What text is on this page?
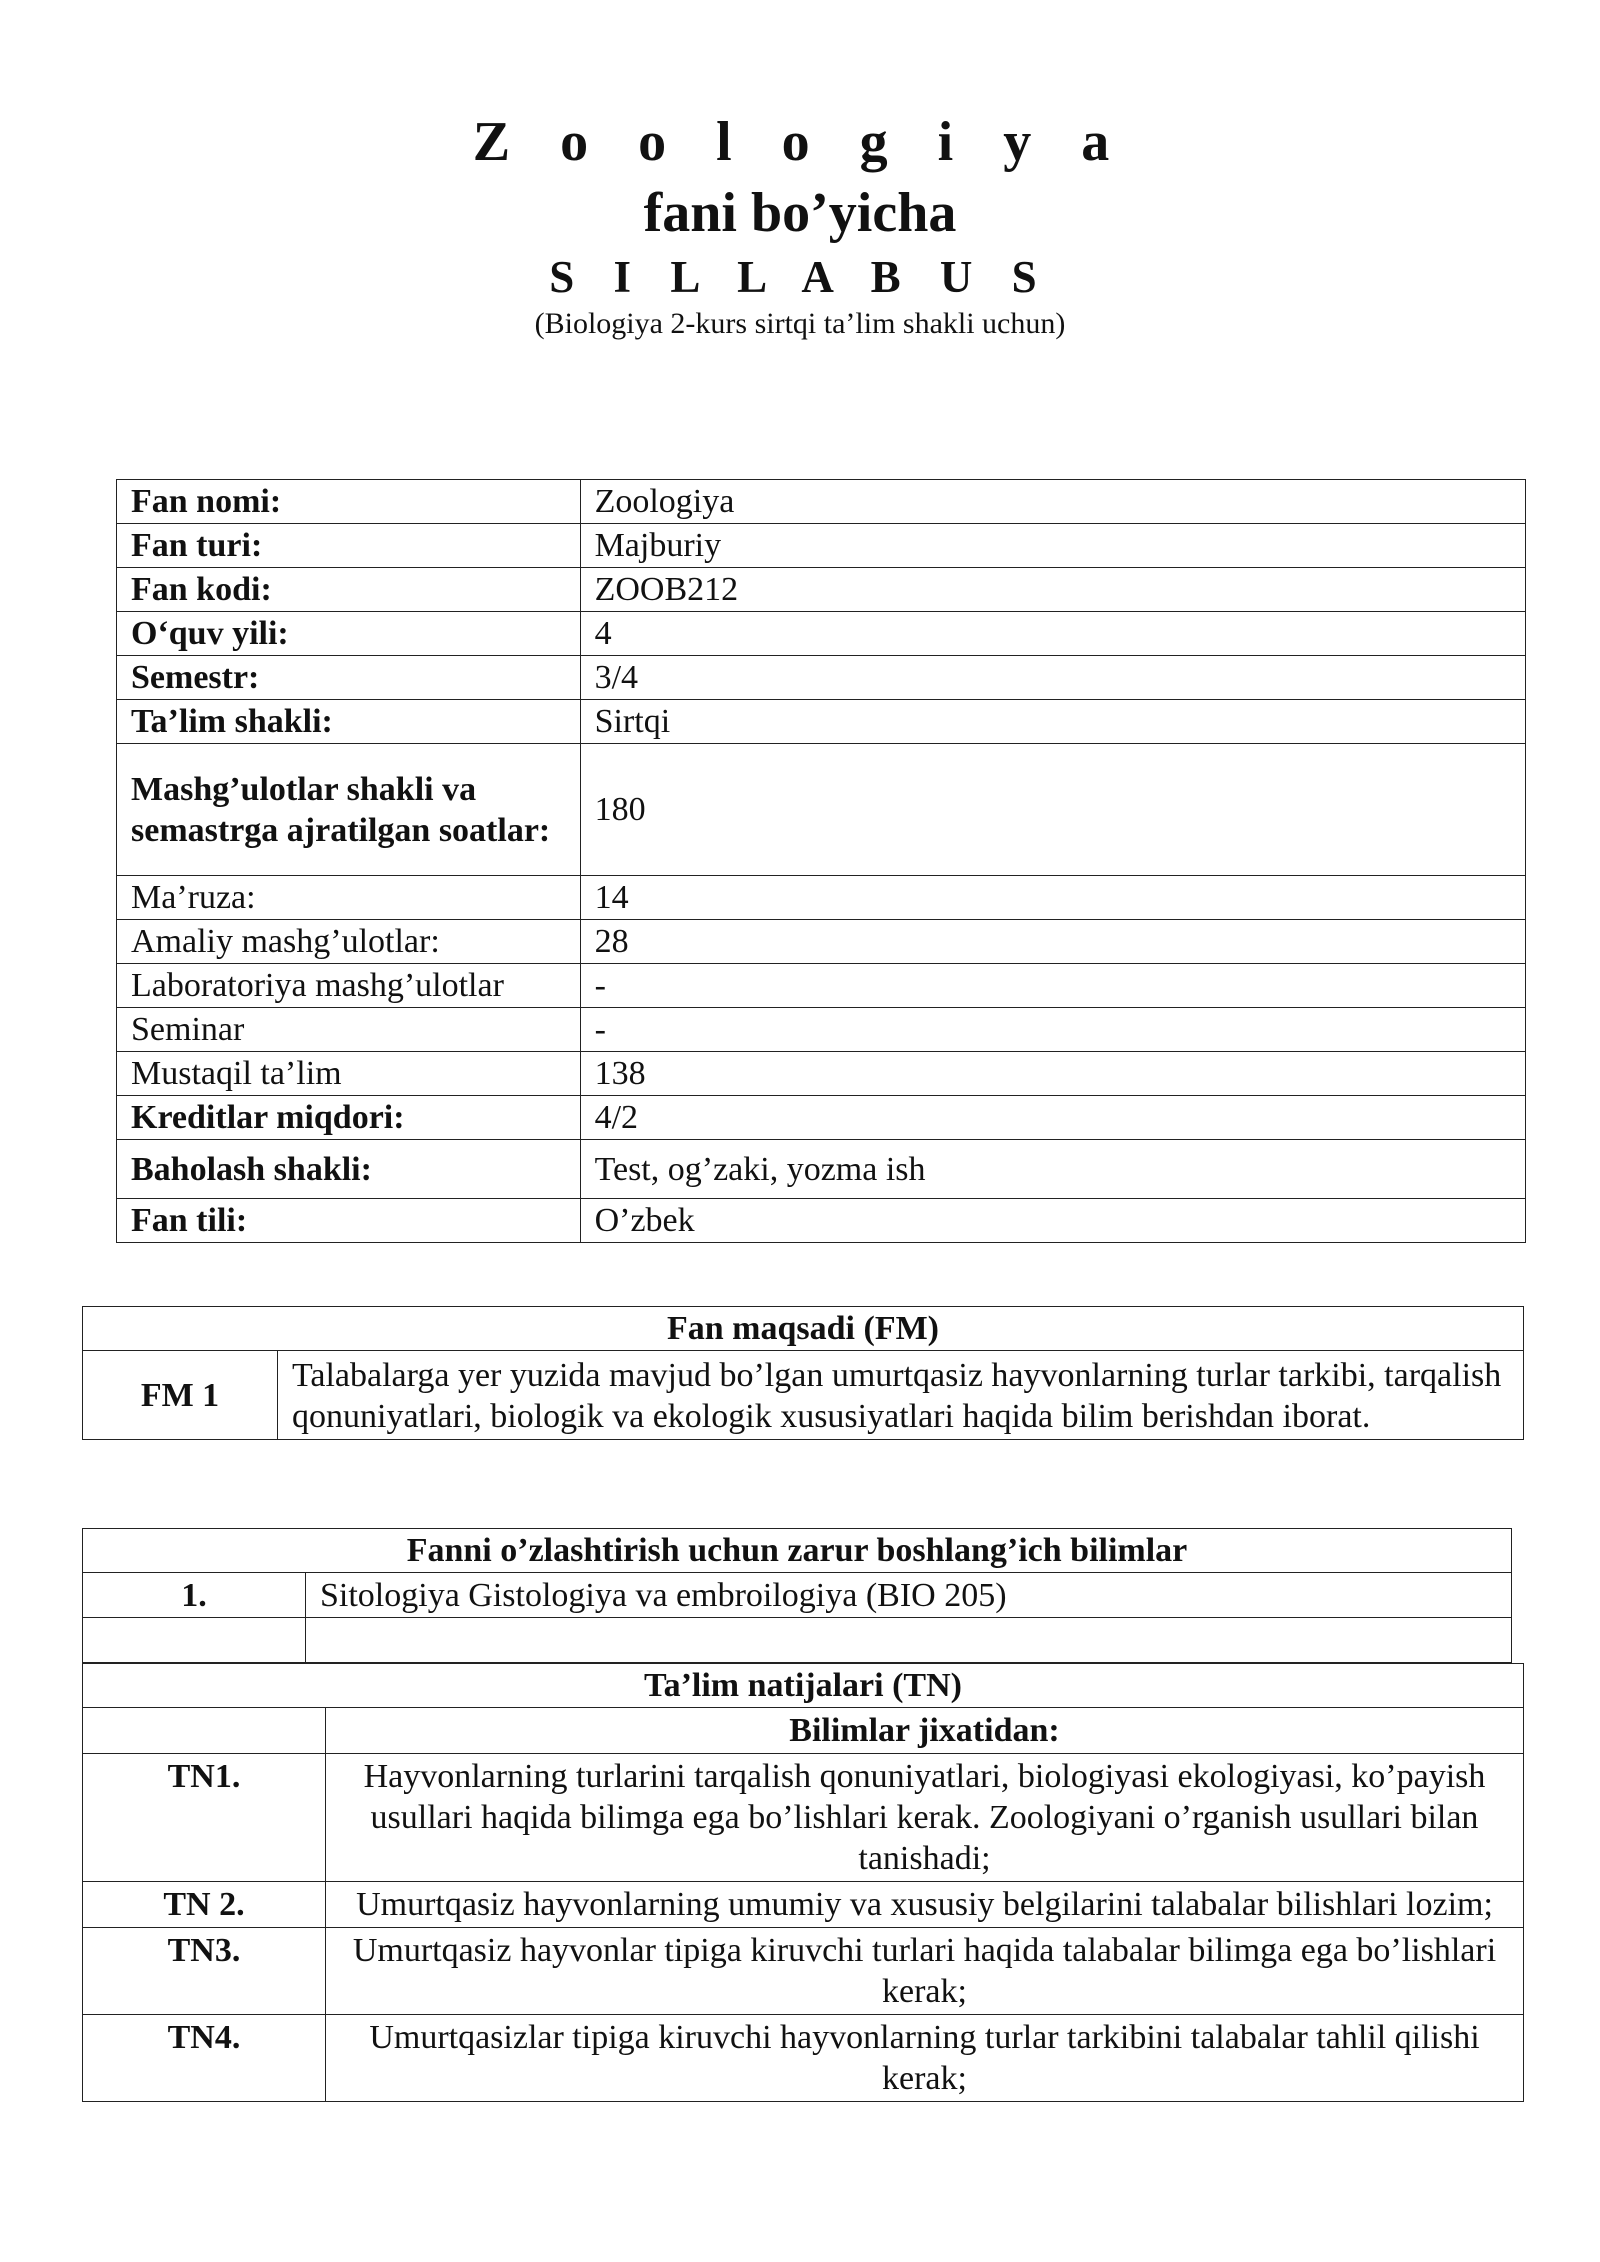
Z o o l o g i y a
fani bo’yicha
S I L L A B U S
(Biologiya 2-kurs sirtqi ta’lim shakli uchun)
Fan nomi:	Zoologiya
Fan turi:	Majburiy
Fan kodi:	ZOOB212
O‘quv yili:	4
Semestr:	3/4
Ta’lim shakli:	Sirtqi
Mashg’ulotlar shakli va semastrga ajratilgan soatlar:	180
Ma’ruza:	14
Amaliy mashg’ulotlar:	28
Laboratoriya mashg’ulotlar	-
Seminar	-
Mustaqil ta’lim	138
Kreditlar miqdori:	4/2
Baholash shakli:	Test, og’zaki, yozma ish
Fan tili:	O’zbek
Fan maqsadi (FM)
FM 1	Talabalarga yer yuzida mavjud bo’lgan umurtqasiz hayvonlarning turlar tarkibi, tarqalish qonuniyatlari, biologik va ekologik xususiyatlari haqida bilim berishdan iborat.
Fanni o’zlashtirish uchun zarur boshlang’ich bilimlar	
1.	Sitologiya Gistologiya va embroilogiya (BIO 205)

Ta’lim natijalari (TN)	
	Bilimlar jixatidan:
TN1.	Hayvonlarning turlarini tarqalish qonuniyatlari, biologiyasi ekologiyasi, ko’payish usullari haqida bilimga ega bo’lishlari kerak. Zoologiyani o’rganish usullari bilan tanishadi;
TN 2.	Umurtqasiz hayvonlarning umumiy va xususiy belgilarini talabalar bilishlari lozim;
TN3.	Umurtqasiz hayvonlar tipiga kiruvchi turlari haqida talabalar bilimga ega bo’lishlari kerak;
TN4.	Umurtqasizlar tipiga kiruvchi hayvonlarning turlar tarkibini talabalar tahlil qilishi kerak;
